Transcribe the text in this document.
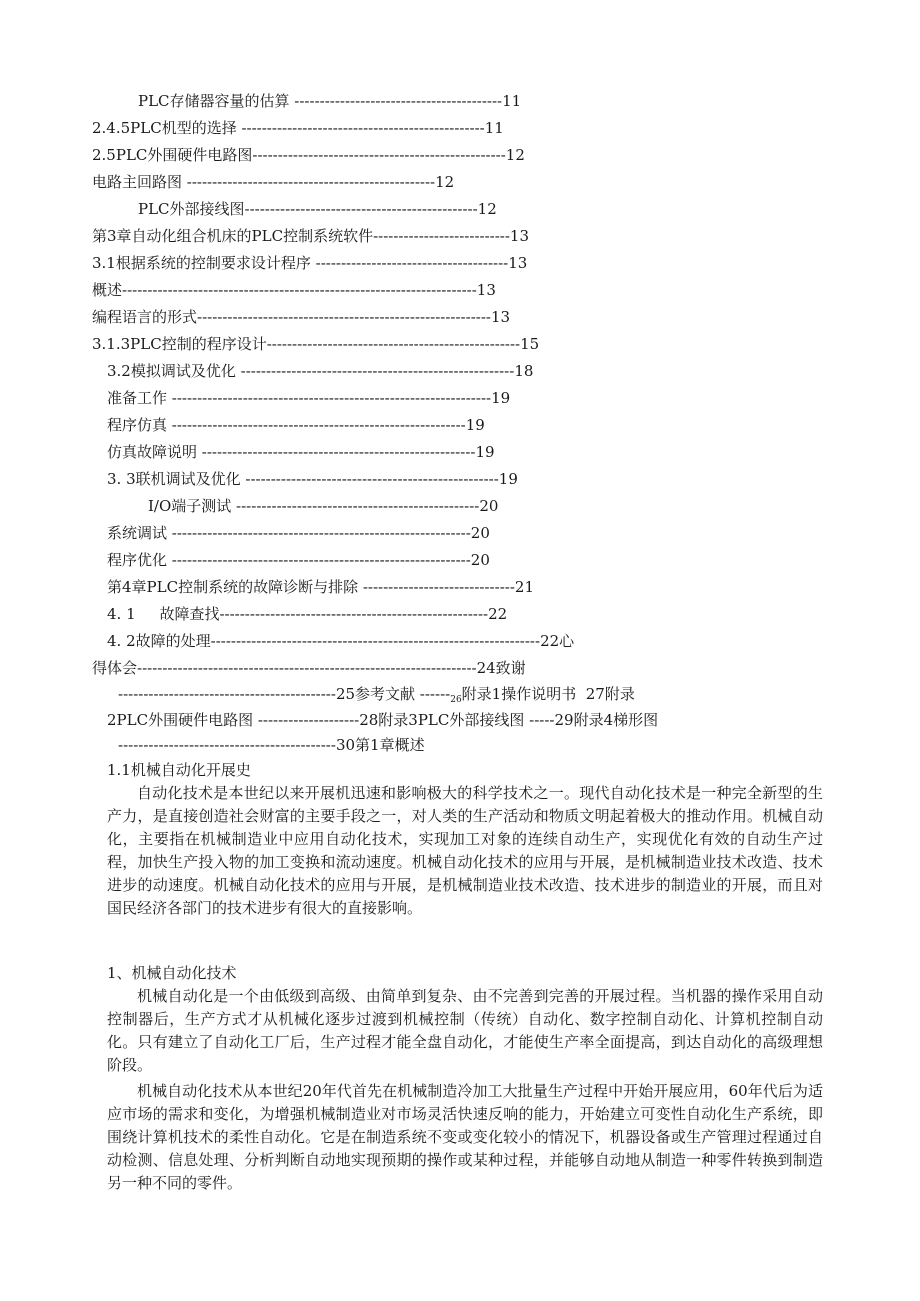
PLC存储器容量的估算 -----------------------------------------11
2.4.5PLC机型的选择 ------------------------------------------------11
2.5PLC外围硬件电路图--------------------------------------------------12
电路主回路图 -------------------------------------------------12
PLC外部接线图----------------------------------------------12
第3章自动化组合机床的PLC控制系统软件---------------------------13
3.1根据系统的控制要求设计程序 --------------------------------------13
概述----------------------------------------------------------------------13
编程语言的形式----------------------------------------------------------13
3.1.3PLC控制的程序设计--------------------------------------------------15
3.2模拟调试及优化 ------------------------------------------------------18
准备工作 ---------------------------------------------------------------19
程序仿真 ----------------------------------------------------------19
仿真故障说明 ------------------------------------------------------19
3. 3联机调试及优化 --------------------------------------------------19
I/O端子测试 ------------------------------------------------20
系统调试 -----------------------------------------------------------20
程序优化 -----------------------------------------------------------20
第4章PLC控制系统的故障诊断与排除 ------------------------------21
4. 1     故障查找-----------------------------------------------------22
4. 2故障的处理-----------------------------------------------------------------22心
得体会-------------------------------------------------------------------24致谢
-------------------------------------------25参考文献 $------_{26}$附录1操作说明书  27附录
2PLC外围硬件电路图 --------------------28附录3PLC外部接线图 -----29附录4梯形图
-------------------------------------------30第1章概述
1.1机械自动化开展史

自动化技术是本世纪以来开展机迅速和影响极大的科学技术之一。现代自动化技术是一种完全新型的生产力，是直接创造社会财富的主要手段之一，对人类的生产活动和物质文明起着极大的推动作用。机械自动化，主要指在机械制造业中应用自动化技术，实现加工对象的连续自动生产，实现优化有效的自动生产过程，加快生产投入物的加工变换和流动速度。机械自动化技术的应用与开展，是机械制造业技术改造、技术进步的动速度。机械自动化技术的应用与开展，是机械制造业技术改造、技术进步的制造业的开展，而且对国民经济各部门的技术进步有很大的直接影响。

1、机械自动化技术

机械自动化是一个由低级到高级、由简单到复杂、由不完善到完善的开展过程。当机器的操作采用自动控制器后，生产方式才从机械化逐步过渡到机械控制（传统）自动化、数字控制自动化、计算机控制自动化。只有建立了自动化工厂后，生产过程才能全盘自动化，才能使生产率全面提高，到达自动化的高级理想阶段。

机械自动化技术从本世纪20年代首先在机械制造冷加工大批量生产过程中开始开展应用，60年代后为适应市场的需求和变化，为增强机械制造业对市场灵活快速反响的能力，开始建立可变性自动化生产系统，即围绕计算机技术的柔性自动化。它是在制造系统不变或变化较小的情况下，机器设备或生产管理过程通过自动检测、信息处理、分析判断自动地实现预期的操作或某种过程，并能够自动地从制造一种零件转换到制造另一种不同的零件。
